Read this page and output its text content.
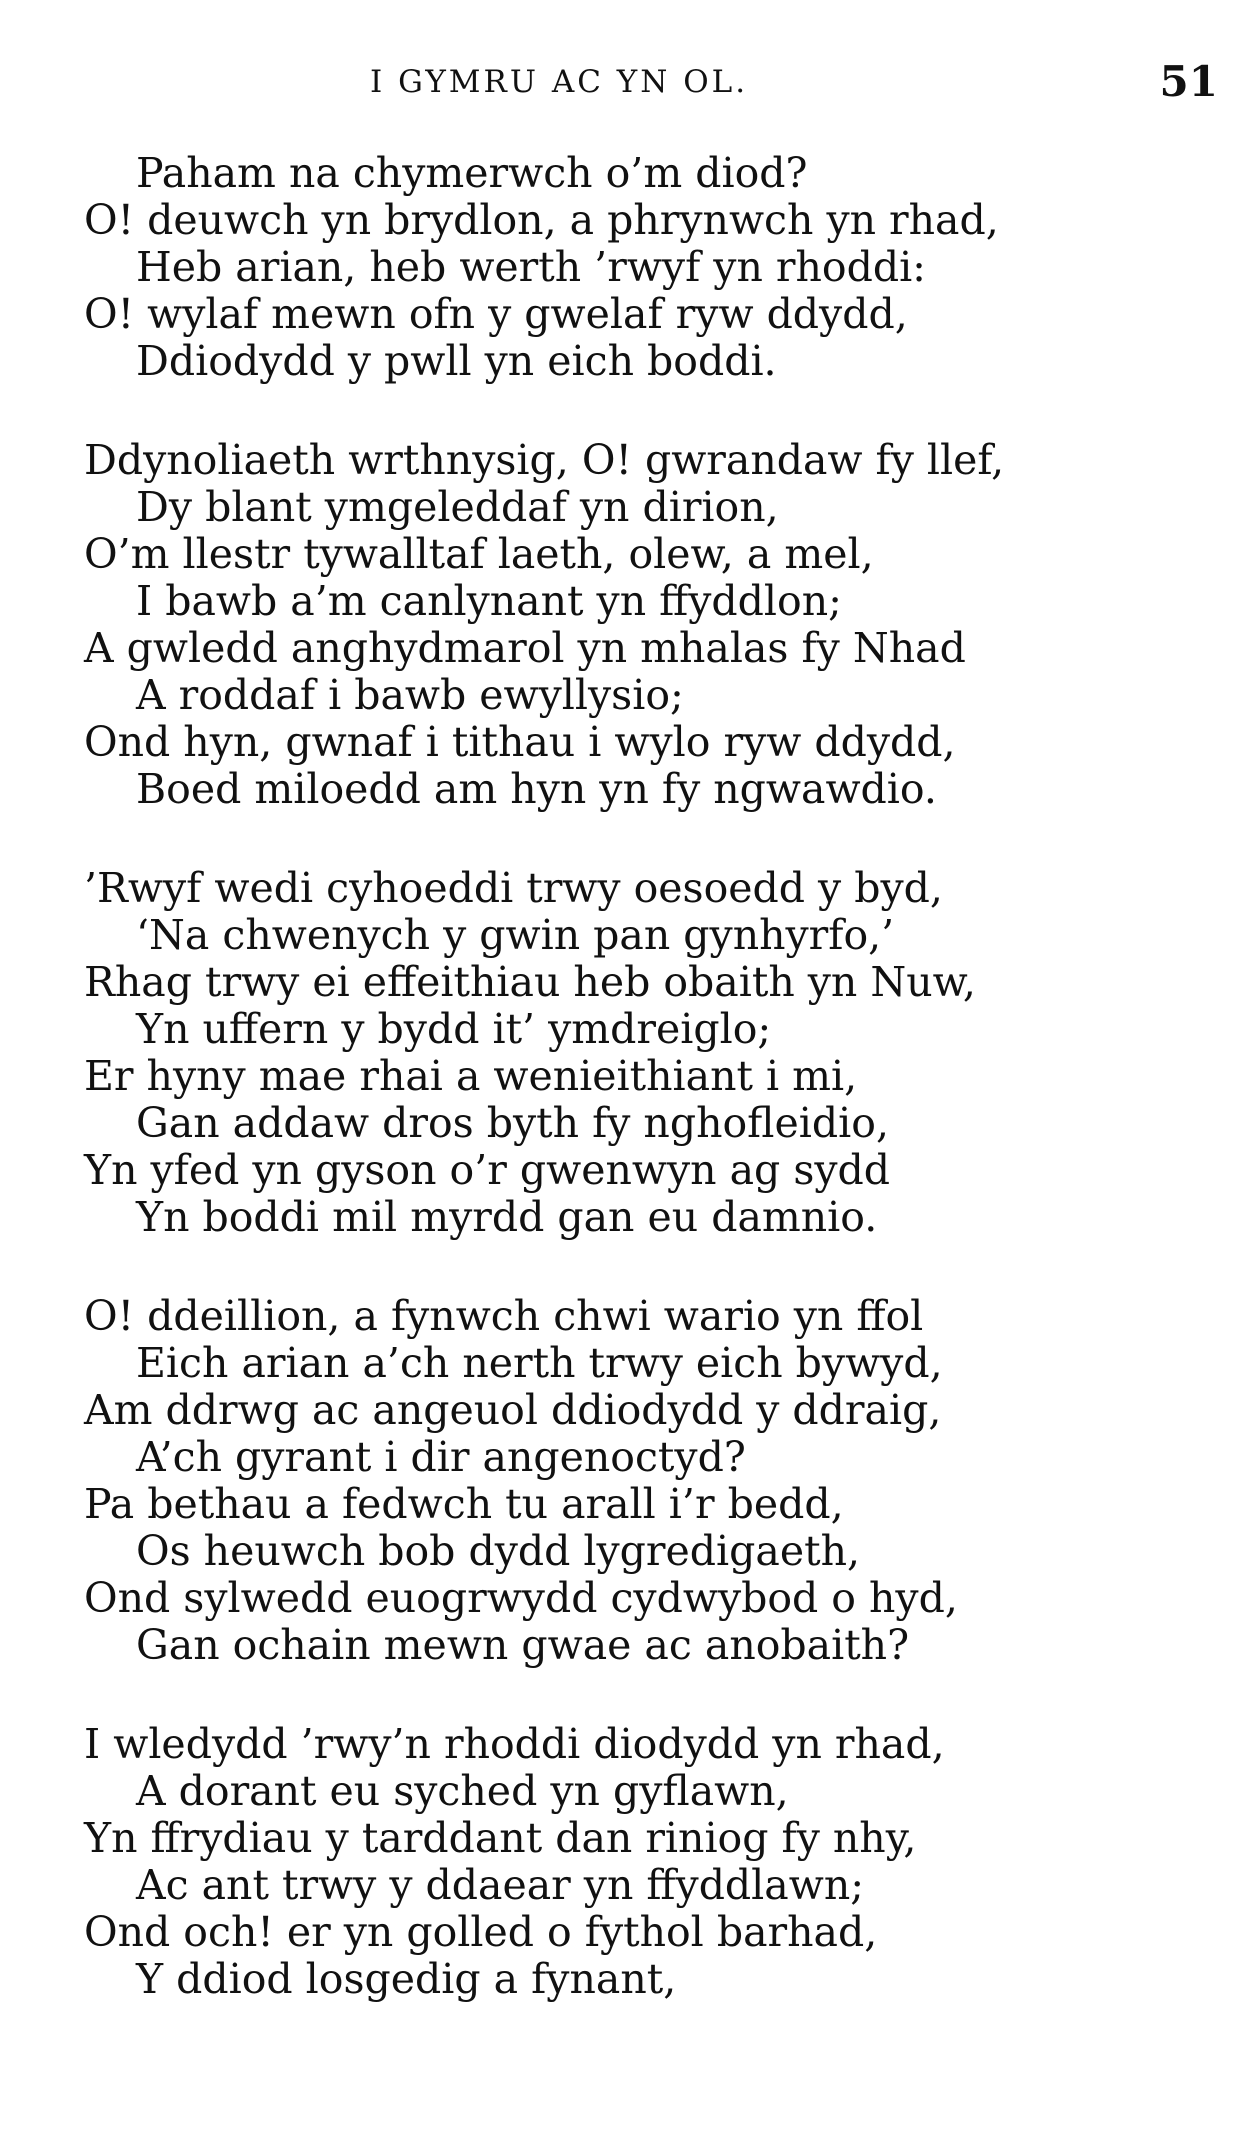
I GYMRU AC YN OL.	51
Paham na chymerwch o’m diod?
O! deuwch yn brydlon, a phrynwch yn rhad,
Heb arian, heb werth ’rwyf yn rhoddi:
O! wylaf mewn ofn y gwelaf ryw ddydd,
Ddiodydd y pwll yn eich boddi.
Ddynoliaeth wrthnysig, O! gwrandaw fy llef,
Dy blant ymgeleddaf yn dirion,
O’m llestr tywalltaf laeth, olew, a mel,
I bawb a’m canlynant yn ffyddlon;
A gwledd anghydmarol yn mhalas fy Nhad
A roddaf i bawb ewyllysio;
Ond hyn, gwnaf i tithau i wylo ryw ddydd,
Boed miloedd am hyn yn fy ngwawdio.
’Rwyf wedi cyhoeddi trwy oesoedd y byd,
‘Na chwenych y gwin pan gynhyrfo,’
Rhag trwy ei effeithiau heb obaith yn Nuw,
Yn uffern y bydd it’ ymdreiglo;
Er hyny mae rhai a wenieithiant i mi,
Gan addaw dros byth fy nghofleidio,
Yn yfed yn gyson o’r gwenwyn ag sydd
Yn boddi mil myrdd gan eu damnio.
O! ddeillion, a fynwch chwi wario yn ffol
Eich arian a’ch nerth trwy eich bywyd,
Am ddrwg ac angeuol ddiodydd y ddraig,
A’ch gyrant i dir angenoctyd?
Pa bethau a fedwch tu arall i’r bedd,
Os heuwch bob dydd lygredigaeth,
Ond sylwedd euogrwydd cydwybod o hyd,
Gan ochain mewn gwae ac anobaith?
I wledydd ’rwy’n rhoddi diodydd yn rhad,
A dorant eu syched yn gyflawn,
Yn ffrydiau y tarddant dan riniog fy nhy,
Ac ant trwy y ddaear yn ffyddlawn;
Ond och! er yn golled o fythol barhad,
Y ddiod losgedig a fynant,
